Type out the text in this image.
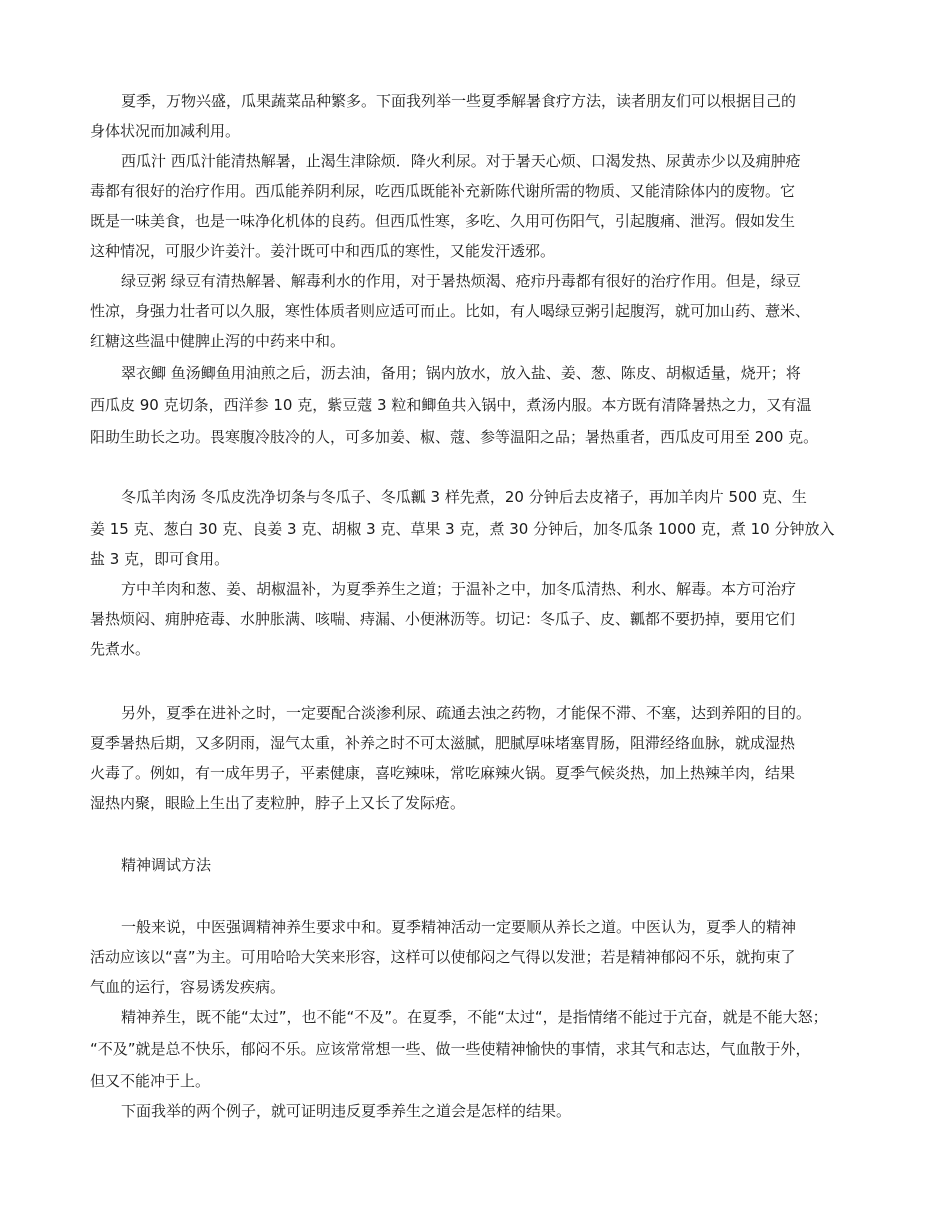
夏季，万物兴盛，瓜果蔬菜品种繁多。下面我列举一些夏季解暑食疗方法，读者朋友们可以根据目己的

身体状况而加减利用。

西瓜汁 西瓜汁能清热解暑，止渴生津除烦．降火利尿。对于暑天心烦、口渴发热、尿黄赤少以及痈肿疮

毒都有很好的治疗作用。西瓜能养阴利尿，吃西瓜既能补充新陈代谢所需的物质、又能清除体内的废物。它

既是一味美食，也是一味净化机体的良药。但西瓜性寒，多吃、久用可伤阳气，引起腹痛、泄泻。假如发生

这种情况，可服少许姜汁。姜汁既可中和西瓜的寒性，又能发汗透邪。

绿豆粥 绿豆有清热解暑、解毒利水的作用，对于暑热烦渴、疮疖丹毒都有很好的治疗作用。但是，绿豆

性凉，身强力壮者可以久服，寒性体质者则应适可而止。比如，有人喝绿豆粥引起腹泻，就可加山药、薏米、

红糖这些温中健脾止泻的中药来中和。

翠衣鲫 鱼汤鲫鱼用油煎之后，沥去油，备用；锅内放水，放入盐、姜、葱、陈皮、胡椒适量，烧开；将

西瓜皮 90 克切条，西洋参 10 克，紫豆蔻 3 粒和鲫鱼共入锅中，煮汤内服。本方既有清降暑热之力，又有温

阳助生助长之功。畏寒腹冷肢冷的人，可多加姜、椒、蔻、参等温阳之品；暑热重者，西瓜皮可用至 200 克。

冬瓜羊肉汤 冬瓜皮洗净切条与冬瓜子、冬瓜瓤 3 样先煮，20 分钟后去皮褚子，再加羊肉片 500 克、生

姜 15 克、葱白 30 克、良姜 3 克、胡椒 3 克、草果 3 克，煮 30 分钟后，加冬瓜条 1000 克，煮 10 分钟放入

盐 3 克，即可食用。

方中羊肉和葱、姜、胡椒温补，为夏季养生之道；于温补之中，加冬瓜清热、利水、解毒。本方可治疗

暑热烦闷、痈肿疮毒、水肿胀满、咳喘、痔漏、小便淋沥等。切记：冬瓜子、皮、瓤都不要扔掉，要用它们

先煮水。

另外，夏季在进补之时，一定要配合淡渗利尿、疏通去浊之药物，才能保不滞、不塞，达到养阳的目的。

夏季暑热后期，又多阴雨，湿气太重，补养之时不可太滋腻，肥腻厚味堵塞胃肠，阻滞经络血脉，就成湿热

火毒了。例如，有一成年男子，平素健康，喜吃辣味，常吃麻辣火锅。夏季气候炎热，加上热辣羊肉，结果

湿热内聚，眼睑上生出了麦粒肿，脖子上又长了发际疮。

精神调试方法

一般来说，中医强调精神养生要求中和。夏季精神活动一定要顺从养长之道。中医认为，夏季人的精神

活动应该以“喜”为主。可用哈哈大笑来形容，这样可以使郁闷之气得以发泄；若是精神郁闷不乐，就拘束了

气血的运行，容易诱发疾病。

精神养生，既不能“太过”，也不能“不及”。在夏季，不能“太过“，是指情绪不能过于亢奋，就是不能大怒；

“不及”就是总不快乐，郁闷不乐。应该常常想一些、做一些使精神愉快的事情，求其气和志达，气血散于外，

但又不能冲于上。

下面我举的两个例子，就可证明违反夏季养生之道会是怎样的结果。
